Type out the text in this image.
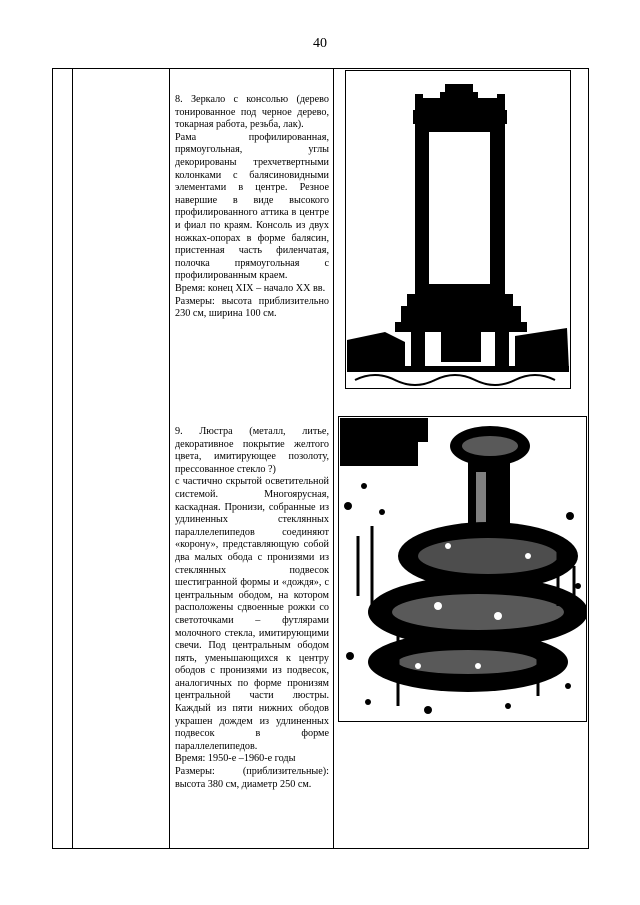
40

8. Зеркало с консолью (дерево тонированное под черное дерево, токарная работа, резьба, лак).

Рама профилированная, прямоугольная, углы декорированы трехчетвертными колонками с балясиновидными элементами в центре. Резное навершие в виде высокого профилированного аттика в центре и фиал по краям. Консоль из двух ножках-опорах в форме балясин, пристенная часть филенчатая, полочка прямоугольная с профилированным краем.

Время: конец XIX – начало XX вв.

Размеры: высота приблизительно 230 см, ширина 100 см.

9. Люстра (металл, литье, декоративное покрытие желтого цвета, имитирующее позолоту, прессованное стекло ?)

с частично скрытой осветительной системой. Многоярусная, каскадная. Пронизи, собранные из удлиненных стеклянных параллелепипедов соединяют «корону», представляющую собой два малых обода с пронизями из стеклянных подвесок шестигранной формы и «дождя», с центральным ободом, на котором расположены сдвоенные рожки со светоточками – футлярами молочного стекла, имитирующими свечи. Под центральным ободом пять, уменьшающихся к центру ободов с пронизями из подвесок, аналогичных по форме пронизям центральной части люстры. Каждый из пяти нижних ободов украшен дождем из удлиненных подвесок в форме параллелепипедов.

Время: 1950-е –1960-е годы

Размеры: (приблизительные): высота 380 см, диаметр 250 см.
